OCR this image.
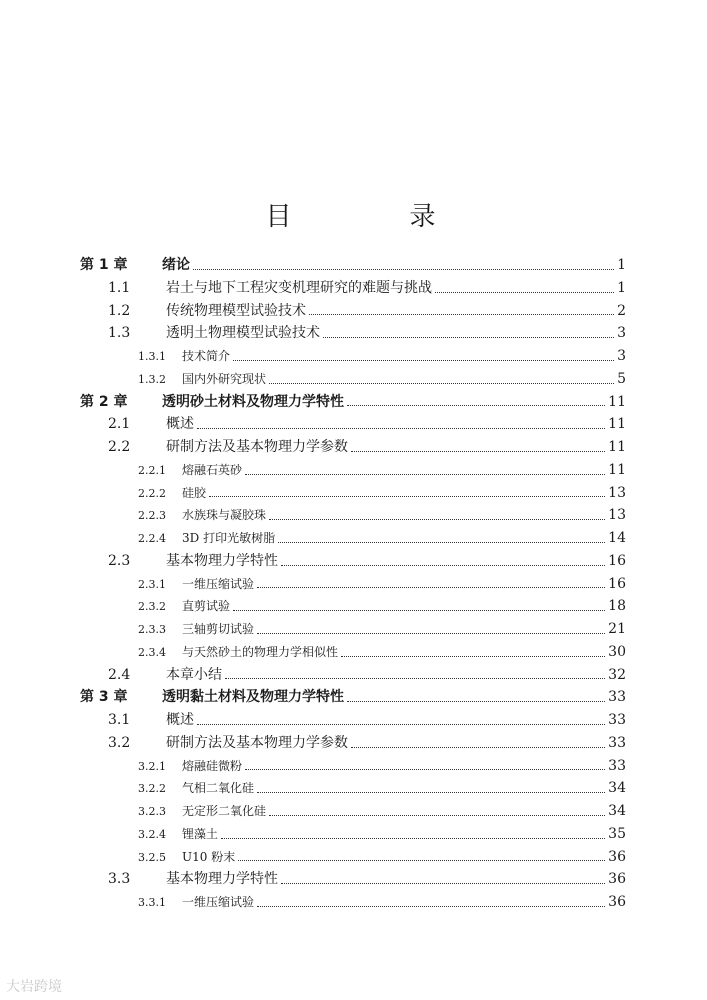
目　录
第 1 章	绪论	1
1.1	岩土与地下工程灾变机理研究的难题与挑战	1
1.2	传统物理模型试验技术	2
1.3	透明土物理模型试验技术	3
1.3.1	技术简介	3
1.3.2	国内外研究现状	5
第 2 章	透明砂土材料及物理力学特性	11
2.1	概述	11
2.2	研制方法及基本物理力学参数	11
2.2.1	熔融石英砂	11
2.2.2	硅胶	13
2.2.3	水族珠与凝胶珠	13
2.2.4	3D 打印光敏树脂	14
2.3	基本物理力学特性	16
2.3.1	一维压缩试验	16
2.3.2	直剪试验	18
2.3.3	三轴剪切试验	21
2.3.4	与天然砂土的物理力学相似性	30
2.4	本章小结	32
第 3 章	透明黏土材料及物理力学特性	33
3.1	概述	33
3.2	研制方法及基本物理力学参数	33
3.2.1	熔融硅微粉	33
3.2.2	气相二氧化硅	34
3.2.3	无定形二氧化硅	34
3.2.4	锂藻土	35
3.2.5	U10 粉末	36
3.3	基本物理力学特性	36
3.3.1	一维压缩试验	36
大岩跨境
